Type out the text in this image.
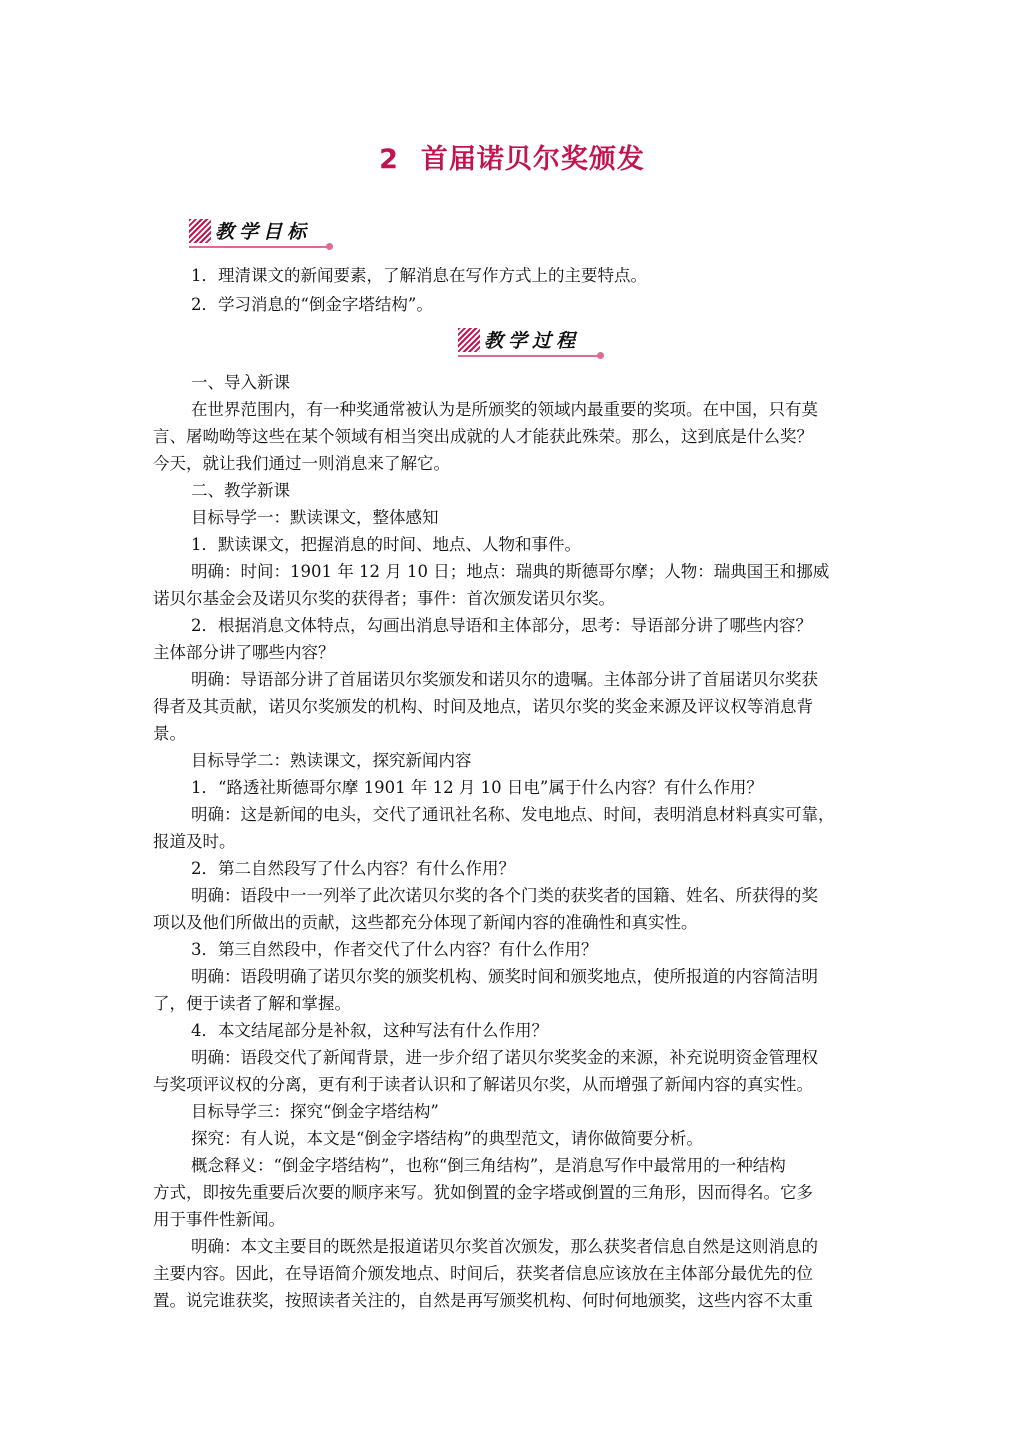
2 首届诺贝尔奖颁发
教学目标
1．理清课文的新闻要素，了解消息在写作方式上的主要特点。
2．学习消息的“倒金字塔结构”。
教学过程
一、导入新课
在世界范围内，有一种奖通常被认为是所颁奖的领域内最重要的奖项。在中国，只有莫
言、屠呦呦等这些在某个领域有相当突出成就的人才能获此殊荣。那么，这到底是什么奖？
今天，就让我们通过一则消息来了解它。
二、教学新课
目标导学一：默读课文，整体感知
1．默读课文，把握消息的时间、地点、人物和事件。
明确：时间：1901 年 12 月 10 日；地点：瑞典的斯德哥尔摩；人物：瑞典国王和挪威
诺贝尔基金会及诺贝尔奖的获得者；事件：首次颁发诺贝尔奖。
2．根据消息文体特点，勾画出消息导语和主体部分，思考：导语部分讲了哪些内容？
主体部分讲了哪些内容？
明确：导语部分讲了首届诺贝尔奖颁发和诺贝尔的遗嘱。主体部分讲了首届诺贝尔奖获
得者及其贡献，诺贝尔奖颁发的机构、时间及地点，诺贝尔奖的奖金来源及评议权等消息背
景。
目标导学二：熟读课文，探究新闻内容
1．“路透社斯德哥尔摩 1901 年 12 月 10 日电”属于什么内容？有什么作用？
明确：这是新闻的电头，交代了通讯社名称、发电地点、时间，表明消息材料真实可靠，
报道及时。
2．第二自然段写了什么内容？有什么作用？
明确：语段中一一列举了此次诺贝尔奖的各个门类的获奖者的国籍、姓名、所获得的奖
项以及他们所做出的贡献，这些都充分体现了新闻内容的准确性和真实性。
3．第三自然段中，作者交代了什么内容？有什么作用？
明确：语段明确了诺贝尔奖的颁奖机构、颁奖时间和颁奖地点，使所报道的内容简洁明
了，便于读者了解和掌握。
4．本文结尾部分是补叙，这种写法有什么作用？
明确：语段交代了新闻背景，进一步介绍了诺贝尔奖奖金的来源，补充说明资金管理权
与奖项评议权的分离，更有利于读者认识和了解诺贝尔奖，从而增强了新闻内容的真实性。
目标导学三：探究“倒金字塔结构”
探究：有人说，本文是“倒金字塔结构”的典型范文，请你做简要分析。
概念释义：“倒金字塔结构”，也称“倒三角结构”，是消息写作中最常用的一种结构
方式，即按先重要后次要的顺序来写。犹如倒置的金字塔或倒置的三角形，因而得名。它多
用于事件性新闻。
明确：本文主要目的既然是报道诺贝尔奖首次颁发，那么获奖者信息自然是这则消息的
主要内容。因此，在导语简介颁发地点、时间后，获奖者信息应该放在主体部分最优先的位
置。说完谁获奖，按照读者关注的，自然是再写颁奖机构、何时何地颁奖，这些内容不太重
